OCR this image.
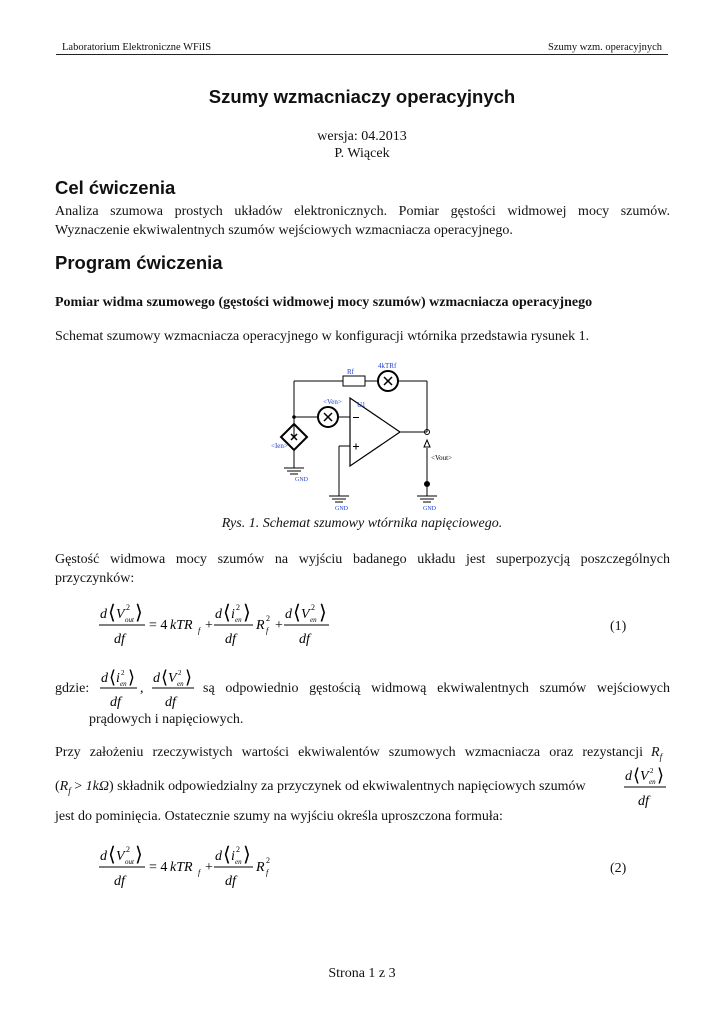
Laboratorium Elektroniczne WFiIS	Szumy wzm. operacyjnych
Szumy wzmacniaczy operacyjnych
wersja: 04.2013
P. Wiącek
Cel ćwiczenia
Analiza szumowa prostych układów elektronicznych. Pomiar gęstości widmowej mocy szumów. Wyznaczenie ekwiwalentnych szumów wejściowych wzmacniacza operacyjnego.
Program ćwiczenia
Pomiar widma szumowego (gęstości widmowej mocy szumów) wzmacniacza operacyjnego
Schemat szumowy wzmacniacza operacyjnego w konfiguracji wtórnika przedstawia rysunek 1.
Rf
4kTRf
<Ven>
<Ien>
U1
<Vout>
GND
GND	GND
Rys. 1. Schemat szumowy wtórnika napięciowego.
Gęstość widmowa mocy szumów na wyjściu badanego układu jest superpozycją poszczególnych przyczynków:
d ⟨ V 2
out ⟩
df
= 4 kTR f +
d ⟨ i 2
en ⟩
df
R 2
f +
d ⟨ V 2
en ⟩
df
(1)
gdzie:
d ⟨ i 2
en ⟩
df
,
d ⟨ V 2
en ⟩
df
są odpowiednio gęstością widmową ekwiwalentnych szumów wejściowych
prądowych i napięciowych.
Przy założeniu rzeczywistych wartości ekwiwalentów szumowych wzmacniacza oraz rezystancji $R_f$
$(R_f > 1k\Omega)$ składnik odpowiedzialny za przyczynek od ekwiwalentnych napięciowych szumów
d ⟨ V 2
en ⟩
df
jest do pominięcia. Ostatecznie szumy na wyjściu określa uproszczona formuła:
d ⟨ V 2
out ⟩
df
= 4 kTR f +
d ⟨ i 2
en ⟩
df
R 2
f	(2)
Strona 1 z 3
